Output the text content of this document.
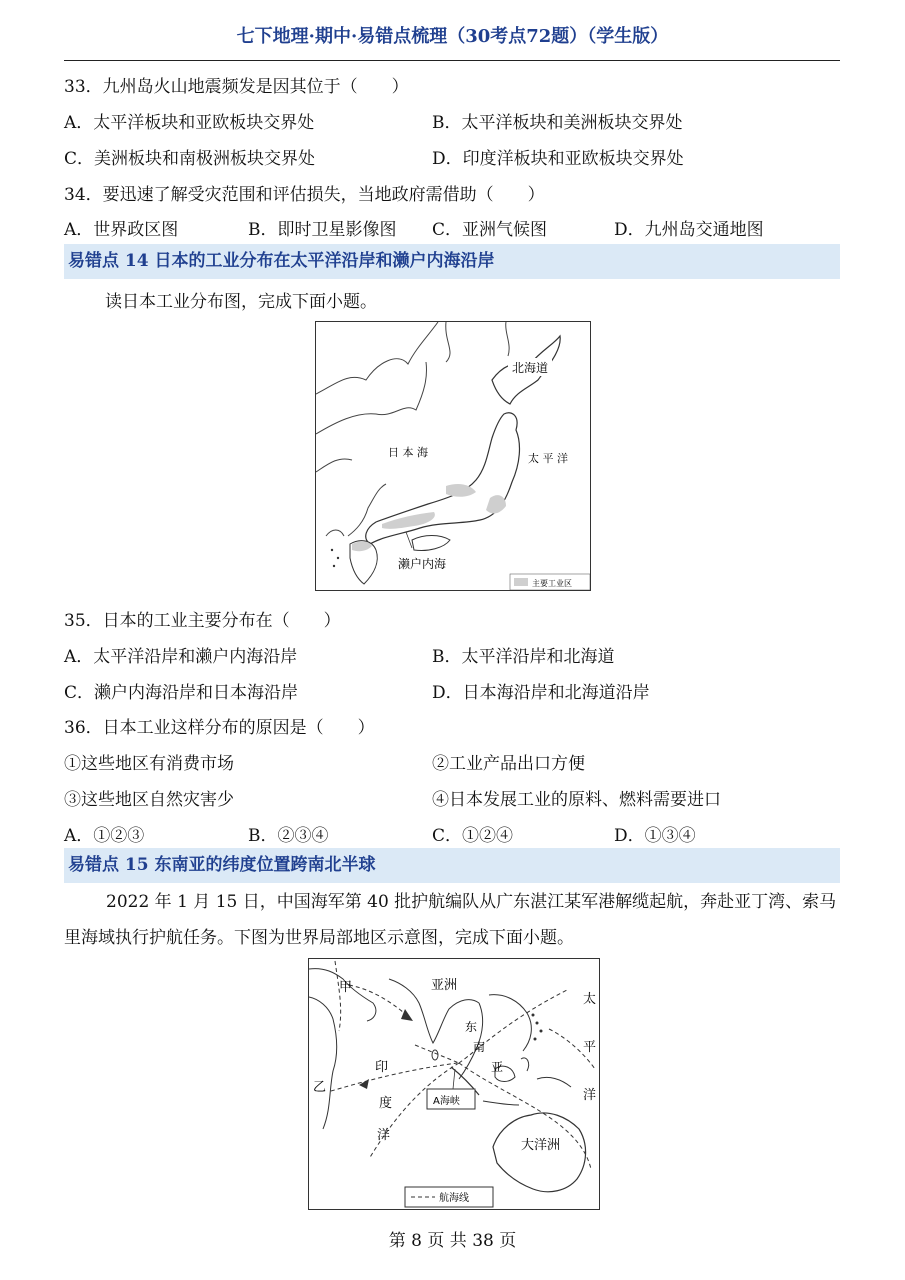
七下地理·期中·易错点梳理（30考点72题）（学生版）
33．九州岛火山地震频发是因其位于（　　）
A．太平洋板块和亚欧板块交界处	B．太平洋板块和美洲板块交界处
C．美洲板块和南极洲板块交界处	D．印度洋板块和亚欧板块交界处
34．要迅速了解受灾范围和评估损失，当地政府需借助（　　）
A．世界政区图	B．即时卫星影像图 C．亚洲气候图	D．九州岛交通地图
易错点 14 日本的工业分布在太平洋沿岸和濑户内海沿岸
读日本工业分布图，完成下面小题。
北海道
日 本 海	太 平 洋
濑户内海
主要工业区
35．日本的工业主要分布在（　　）
A．太平洋沿岸和濑户内海沿岸	B．太平洋沿岸和北海道
C．濑户内海沿岸和日本海沿岸	D．日本海沿岸和北海道沿岸
36．日本工业这样分布的原因是（　　）
①这些地区有消费市场	②工业产品出口方便
③这些地区自然灾害少	④日本发展工业的原料、燃料需要进口
A．①②③	B．②③④	C．①②④	D．①③④
易错点 15 东南亚的纬度位置跨南北半球
2022 年 1 月 15 日，中国海军第 40 批护航编队从广东湛江某军港解缆起航，奔赴亚丁湾、索马里海域执行护航任务。下图为世界局部地区示意图，完成下面小题。
A海峡
甲
乙
亚洲
东
南
亚
印
度
洋
太
平
洋
大洋洲
航海线
第 8 页 共 38 页
